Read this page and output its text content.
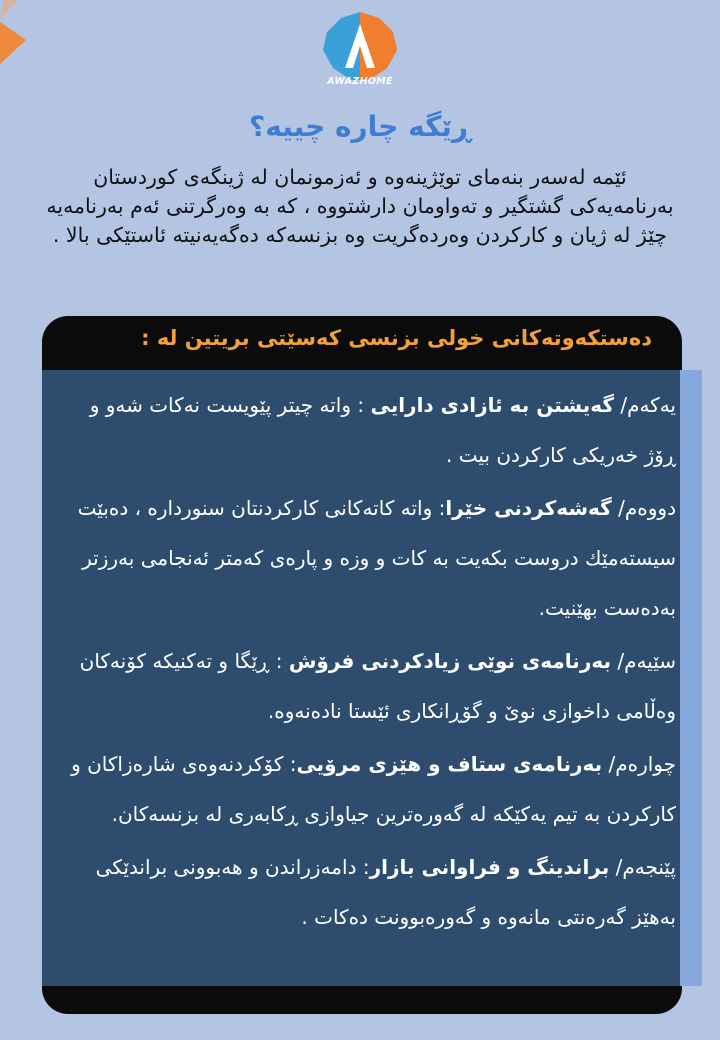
AWAZHOME
ڕێگە چارە چییە؟
ئێمە لەسەر بنەمای توێژینەوە و ئەزمونمان لە ژینگەی کوردستان بەرنامەیەکی گشتگیر و تەواومان دارشتووە ، کە بە وەرگرتنی ئەم بەرنامەیە چێژ لە ژیان و کارکردن وەردەگریت وە بزنسەکە دەگەیەنیتە ئاستێکی بالا .
دەستکەوتەکانی خولی بزنسی کەسێتی بریتین لە :

یەکەم/ گەیشتن بە ئازادی دارایی : واتە چیتر پێویست نەکات شەو و ڕۆژ خەریکی کارکردن بیت .

دووەم/ گەشەکردنی خێرا: واتە کاتەکانی کارکردنتان سنورداره ، دەبێت سیستەمێك دروست بکەیت بە کات و وزە و پارەی کەمتر ئەنجامی بەرزتر بەدەست بهێنیت.

سێیەم/ بەرنامەی نوێی زیادکردنی فرۆش : ڕێگا و تەکنیکە کۆنەکان وەڵامی داخوازی نوێ و گۆڕانکاری ئێستا نادەنەوە.

چوارەم/ بەرنامەی ستاف و هێزی مرۆیی: کۆکردنەوەی شارەزاکان و کارکردن بە تیم یەکێکە لە گەورەترین جیاوازی ڕکابەری لە بزنسەکان.

پێنجەم/ براندینگ و فراوانی بازار: دامەزراندن و هەبوونی براندێکی بەهێز گەرەنتی مانەوە و گەورەبوونت دەکات .
